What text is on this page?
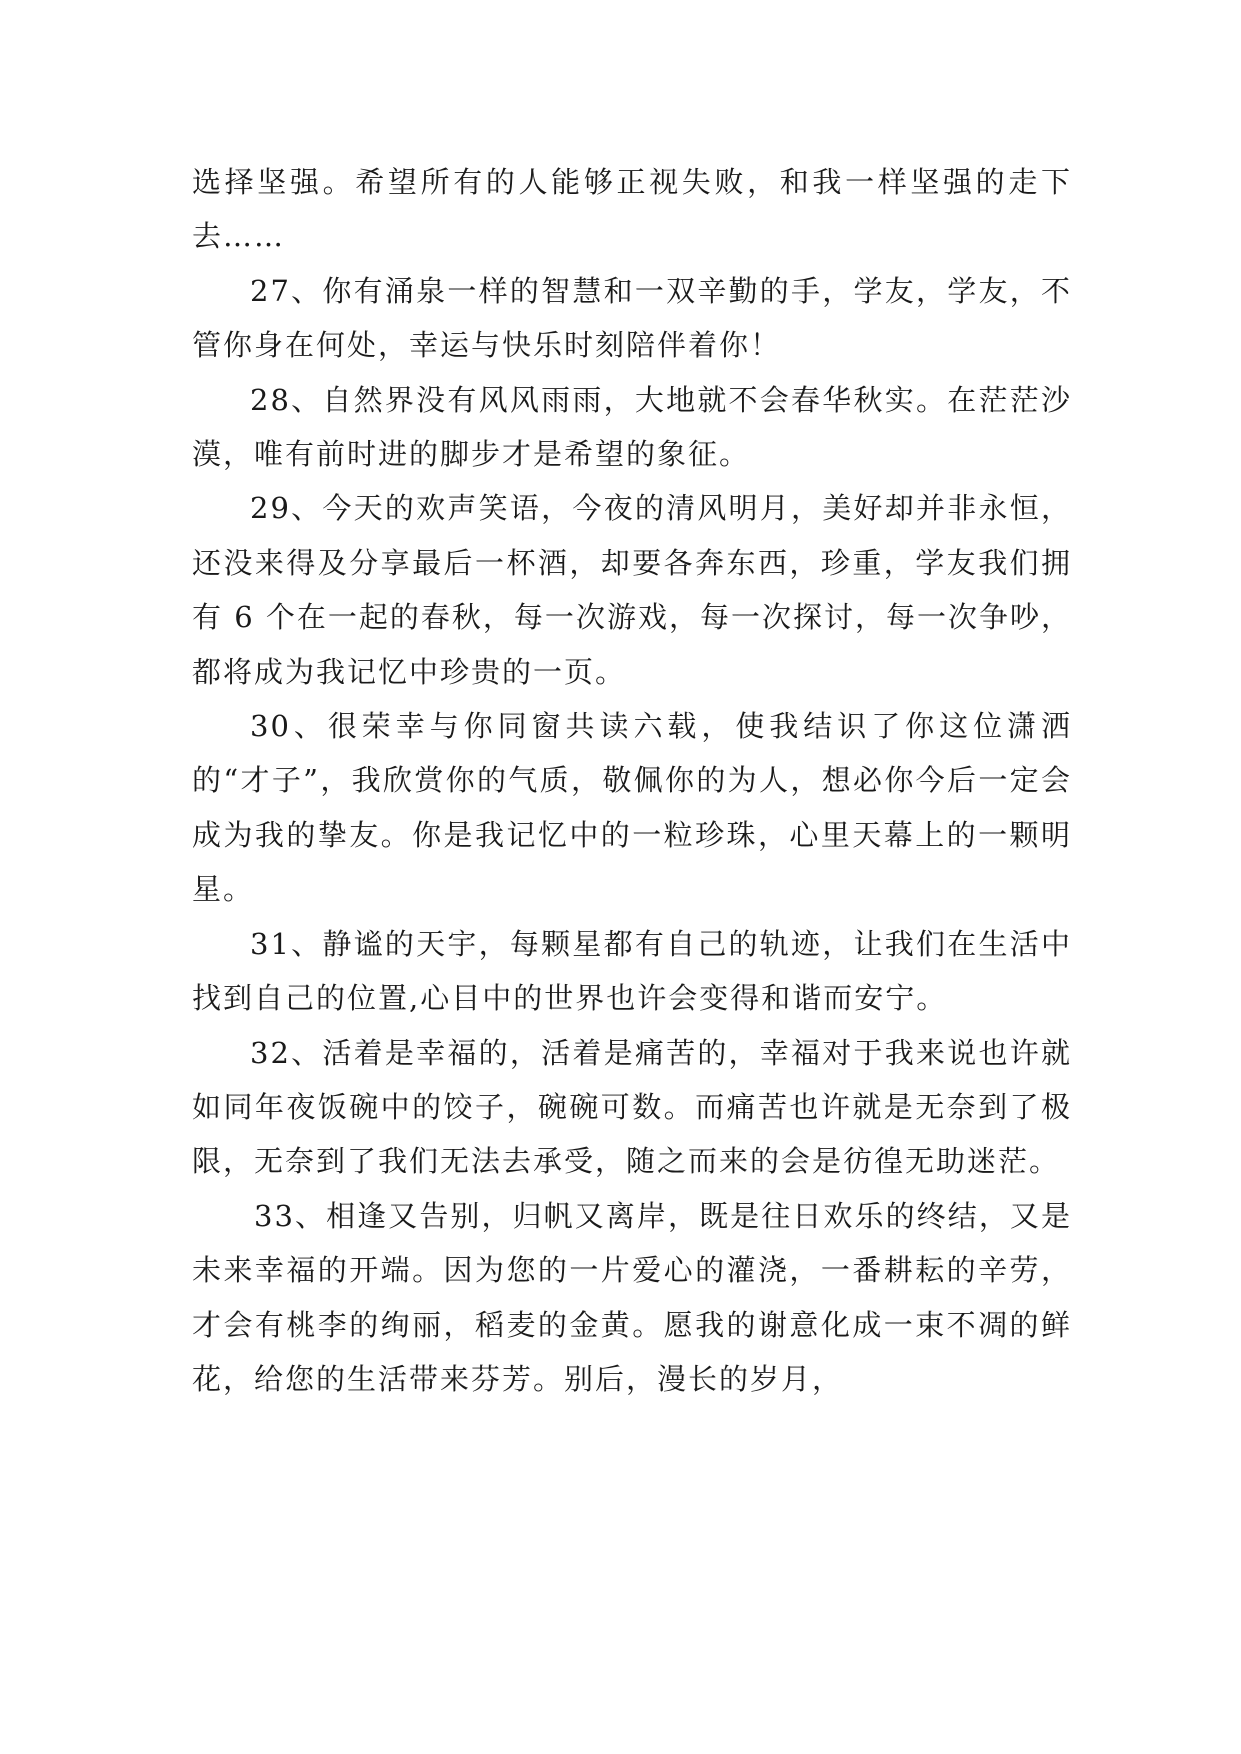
选择坚强。希望所有的人能够正视失败，和我一样坚强的走下去……

27、你有涌泉一样的智慧和一双辛勤的手，学友，学友，不管你身在何处，幸运与快乐时刻陪伴着你！

28、自然界没有风风雨雨，大地就不会春华秋实。在茫茫沙漠，唯有前时进的脚步才是希望的象征。

29、今天的欢声笑语，今夜的清风明月，美好却并非永恒，还没来得及分享最后一杯酒，却要各奔东西，珍重，学友我们拥有 6 个在一起的春秋，每一次游戏，每一次探讨，每一次争吵，都将成为我记忆中珍贵的一页。

30、很荣幸与你同窗共读六载，使我结识了你这位潇洒的“才子”，我欣赏你的气质，敬佩你的为人，想必你今后一定会成为我的挚友。你是我记忆中的一粒珍珠，心里天幕上的一颗明星。

31、静谧的天宇，每颗星都有自己的轨迹，让我们在生活中找到自己的位置,心目中的世界也许会变得和谐而安宁。

32、活着是幸福的，活着是痛苦的，幸福对于我来说也许就如同年夜饭碗中的饺子，碗碗可数。而痛苦也许就是无奈到了极限，无奈到了我们无法去承受，随之而来的会是彷徨无助迷茫。

33、相逢又告别，归帆又离岸，既是往日欢乐的终结，又是未来幸福的开端。因为您的一片爱心的灌浇，一番耕耘的辛劳，才会有桃李的绚丽，稻麦的金黄。愿我的谢意化成一束不凋的鲜花，给您的生活带来芬芳。别后，漫长的岁月，
